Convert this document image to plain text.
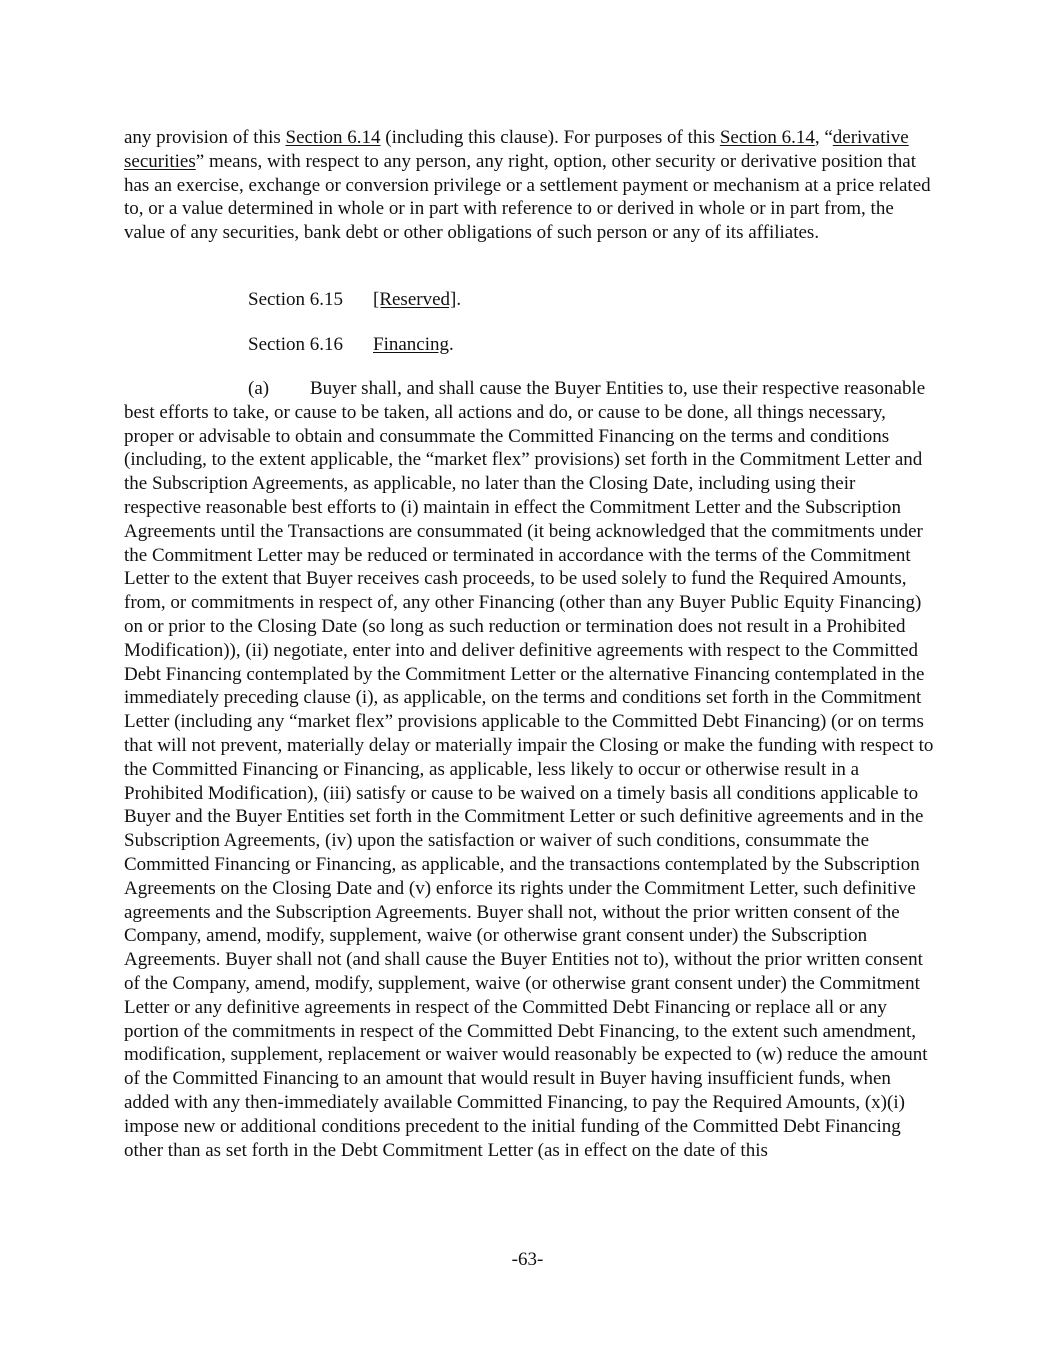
any provision of this Section 6.14 (including this clause). For purposes of this Section 6.14, “derivative securities” means, with respect to any person, any right, option, other security or derivative position that has an exercise, exchange or conversion privilege or a settlement payment or mechanism at a price related to, or a value determined in whole or in part with reference to or derived in whole or in part from, the value of any securities, bank debt or other obligations of such person or any of its affiliates.

Section 6.15 [Reserved].

Section 6.16 Financing.

(a) Buyer shall, and shall cause the Buyer Entities to, use their respective reasonable best efforts to take, or cause to be taken, all actions and do, or cause to be done, all things necessary, proper or advisable to obtain and consummate the Committed Financing on the terms and conditions (including, to the extent applicable, the “market flex” provisions) set forth in the Commitment Letter and the Subscription Agreements, as applicable, no later than the Closing Date, including using their respective reasonable best efforts to (i) maintain in effect the Commitment Letter and the Subscription Agreements until the Transactions are consummated (it being acknowledged that the commitments under the Commitment Letter may be reduced or terminated in accordance with the terms of the Commitment Letter to the extent that Buyer receives cash proceeds, to be used solely to fund the Required Amounts, from, or commitments in respect of, any other Financing (other than any Buyer Public Equity Financing) on or prior to the Closing Date (so long as such reduction or termination does not result in a Prohibited Modification)), (ii) negotiate, enter into and deliver definitive agreements with respect to the Committed Debt Financing contemplated by the Commitment Letter or the alternative Financing contemplated in the immediately preceding clause (i), as applicable, on the terms and conditions set forth in the Commitment Letter (including any “market flex” provisions applicable to the Committed Debt Financing) (or on terms that will not prevent, materially delay or materially impair the Closing or make the funding with respect to the Committed Financing or Financing, as applicable, less likely to occur or otherwise result in a Prohibited Modification), (iii) satisfy or cause to be waived on a timely basis all conditions applicable to Buyer and the Buyer Entities set forth in the Commitment Letter or such definitive agreements and in the Subscription Agreements, (iv) upon the satisfaction or waiver of such conditions, consummate the Committed Financing or Financing, as applicable, and the transactions contemplated by the Subscription Agreements on the Closing Date and (v) enforce its rights under the Commitment Letter, such definitive agreements and the Subscription Agreements. Buyer shall not, without the prior written consent of the Company, amend, modify, supplement, waive (or otherwise grant consent under) the Subscription Agreements. Buyer shall not (and shall cause the Buyer Entities not to), without the prior written consent of the Company, amend, modify, supplement, waive (or otherwise grant consent under) the Commitment Letter or any definitive agreements in respect of the Committed Debt Financing or replace all or any portion of the commitments in respect of the Committed Debt Financing, to the extent such amendment, modification, supplement, replacement or waiver would reasonably be expected to (w) reduce the amount of the Committed Financing to an amount that would result in Buyer having insufficient funds, when added with any then-immediately available Committed Financing, to pay the Required Amounts, (x)(i) impose new or additional conditions precedent to the initial funding of the Committed Debt Financing other than as set forth in the Debt Commitment Letter (as in effect on the date of this

-63-
